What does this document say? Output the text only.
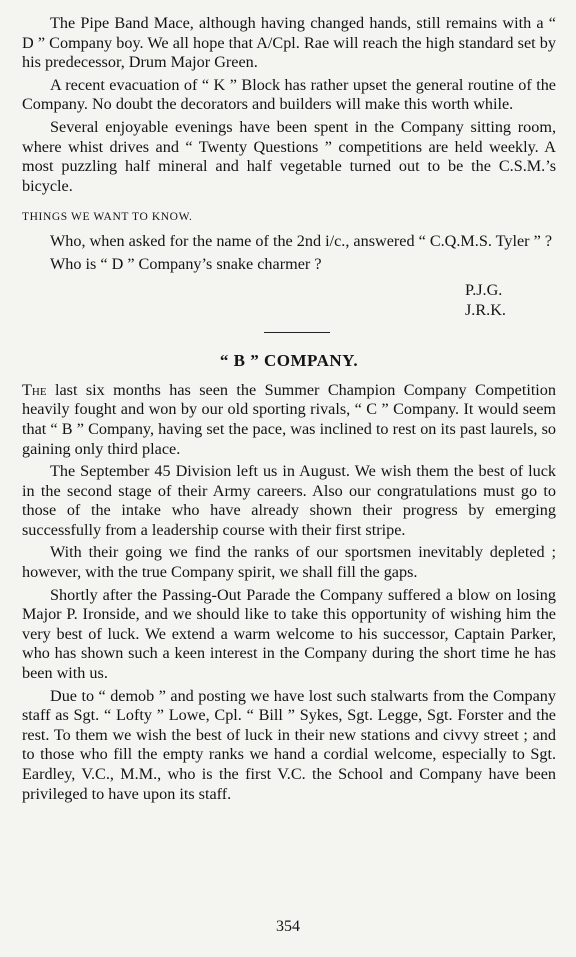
The Pipe Band Mace, although having changed hands, still remains with a “ D ” Company boy. We all hope that A/Cpl. Rae will reach the high standard set by his predecessor, Drum Major Green.

A recent evacuation of “ K ” Block has rather upset the general routine of the Company. No doubt the decorators and builders will make this worth while.

Several enjoyable evenings have been spent in the Company sitting room, where whist drives and “ Twenty Questions ” competitions are held weekly. A most puzzling half mineral and half vegetable turned out to be the C.S.M.’s bicycle.

THINGS WE WANT TO KNOW.

Who, when asked for the name of the 2nd i/c., answered “ C.Q.M.S. Tyler ” ?

Who is “ D ” Company’s snake charmer ?

P.J.G.
J.R.K.
“ B ” COMPANY.

The last six months has seen the Summer Champion Company Competition heavily fought and won by our old sporting rivals, “ C ” Company. It would seem that “ B ” Company, having set the pace, was inclined to rest on its past laurels, so gaining only third place.

The September 45 Division left us in August. We wish them the best of luck in the second stage of their Army careers. Also our congratulations must go to those of the intake who have already shown their progress by emerging successfully from a leadership course with their first stripe.

With their going we find the ranks of our sportsmen inevitably depleted ; however, with the true Company spirit, we shall fill the gaps.

Shortly after the Passing-Out Parade the Company suffered a blow on losing Major P. Ironside, and we should like to take this opportunity of wishing him the very best of luck. We extend a warm welcome to his successor, Captain Parker, who has shown such a keen interest in the Company during the short time he has been with us.

Due to “ demob ” and posting we have lost such stalwarts from the Company staff as Sgt. “ Lofty ” Lowe, Cpl. “ Bill ” Sykes, Sgt. Legge, Sgt. Forster and the rest. To them we wish the best of luck in their new stations and civvy street ; and to those who fill the empty ranks we hand a cordial welcome, especially to Sgt. Eardley, V.C., M.M., who is the first V.C. the School and Company have been privileged to have upon its staff.

354
